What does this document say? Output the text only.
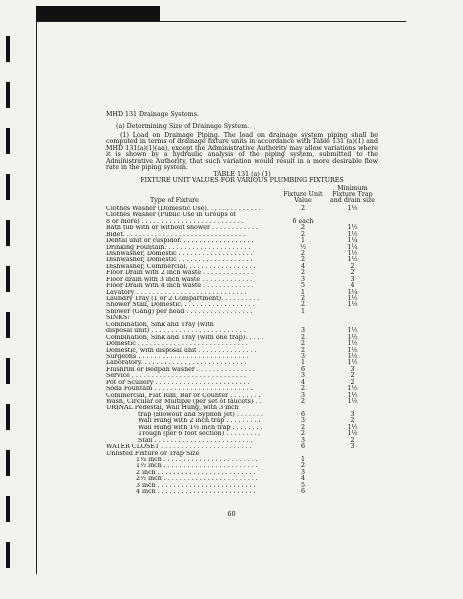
MHD 131 Drainage Systems.
(a) Determining Size of Drainage System.
(1) Load on Drainage Piping. The load on drainage system piping shall be computed in terms of drainage fixture units in accordance with Table 131 (a)(1) and MHD 131(a)(1)(aa), except the Administrative Authority may allow variations where it is shown by a hydraulic analysis of the piping system, submitted to the Administrative Authority, that such variation would result in a more desirable flow rate in the piping system.
TABLE 131 (a) (1)
FIXTURE UNIT VALUES FOR VARIOUS PLUMBING FIXTURES
Type of Fixture
Fixture Unit Value
Minimum Fixture Trap and drain size
Clothes Washer (Domestic Use). . . . . . . . . . . . . .	2	1½
Clothes Washer (Public Use in Groups of
8 or more) . . . . . . . . . . . . . . . . . . . . . . . . . .	6 each
Bath tub with or without shower . . . . . . . . . . . .	2	1½
Bidet. . . . . . . . . . . . . . . . . . . . . . . . . . . . . . .	2	1½
Dental unit or cuspidor. . . . . . . . . . . . . . . . . . .	1	1¼
Drinking Fountain. . . . . . . . . . . . . . . . . . . . . .	½	1¼
Dishwasher, Domestic . . . . . . . . . . . . . . . . . . .	2	1½
Dishwasher, Domestic . . . . . . . . . . . . . . . . . . .	2	1½
Dishwasher, Commercial. . . . . . . . . . . . . . . . . .	4	2
Floor Drain with 2 inch waste . . . . . . . . . . . . .	2	2
Floor drain with 3 inch waste . . . . . . . . . . . . .	3	3
Floor Drain with 4 inch waste . . . . . . . . . . . . .	5	4
Lavatory . . . . . . . . . . . . . . . . . . . . . . . . . . . .	1	1¼
Laundry Tray (1 or 2 Compartment). . . . . . . . . .	2	1½
Shower Stall, Domestic. . . . . . . . . . . . . . . . . . .	2	1½
Shower (Gang) per head . . . . . . . . . . . . . . . . .	1
SINKS:
Combination, Sink and Tray (with
disposal unit) . . . . . . . . . . . . . . . . . . . . . . . .	3	1½
Combination, Sink and Tray (with one trap). . . . .	2	1½
Domestic . . . . . . . . . . . . . . . . . . . . . . . . . . . .	2	1½
Domestic, with disposal unit . . . . . . . . . . . . . . .	2	1½
Surgeons . . . . . . . . . . . . . . . . . . . . . . . . . . . .	3	1½
Laboratory. . . . . . . . . . . . . . . . . . . . . . . . . . .	1	1½
Flushrim or Bedpan washer . . . . . . . . . . . . . . .	6	3
Service . . . . . . . . . . . . . . . . . . . . . . . . . . . . .	3	2
Pot or Scullery . . . . . . . . . . . . . . . . . . . . . . . .	4	2
Soda Fountain . . . . . . . . . . . . . . . . . . . . . . . . .	2	1½
Commercial, Flat Rim, Bar or Counter . . . . . . . .	3	1½
Wash, Circular or Multiple (per set of faucets) . .	2	1½
URINAL Pedestal, Wall Hung, with 3 inch
trap (Blowout and Syphon Jet) . . . . . . .	6	3
Wall Hung with 2 inch trap . . . . . . . . .	3	2
Wall Hung with 1½ inch trap . . . . . . . .	2	1½
Trough (per 6 foot section) . . . . . . . . .	2	1½
Stall . . . . . . . . . . . . . . . . . . . . . . . . .	3	2
WATER CLOSET . . . . . . . . . . . . . . . . . . . . . . .	6	3
Unlisted Fixture or Trap Size
1¼ inch . . . . . . . . . . . . . . . . . . . . . . . .	1
1½ inch . . . . . . . . . . . . . . . . . . . . . . . .	2
2 inch . . . . . . . . . . . . . . . . . . . . . . . . .	3
2½ inch . . . . . . . . . . . . . . . . . . . . . . . .	4
3 inch . . . . . . . . . . . . . . . . . . . . . . . . .	5
4 inch . . . . . . . . . . . . . . . . . . . . . . . . .	6
60
